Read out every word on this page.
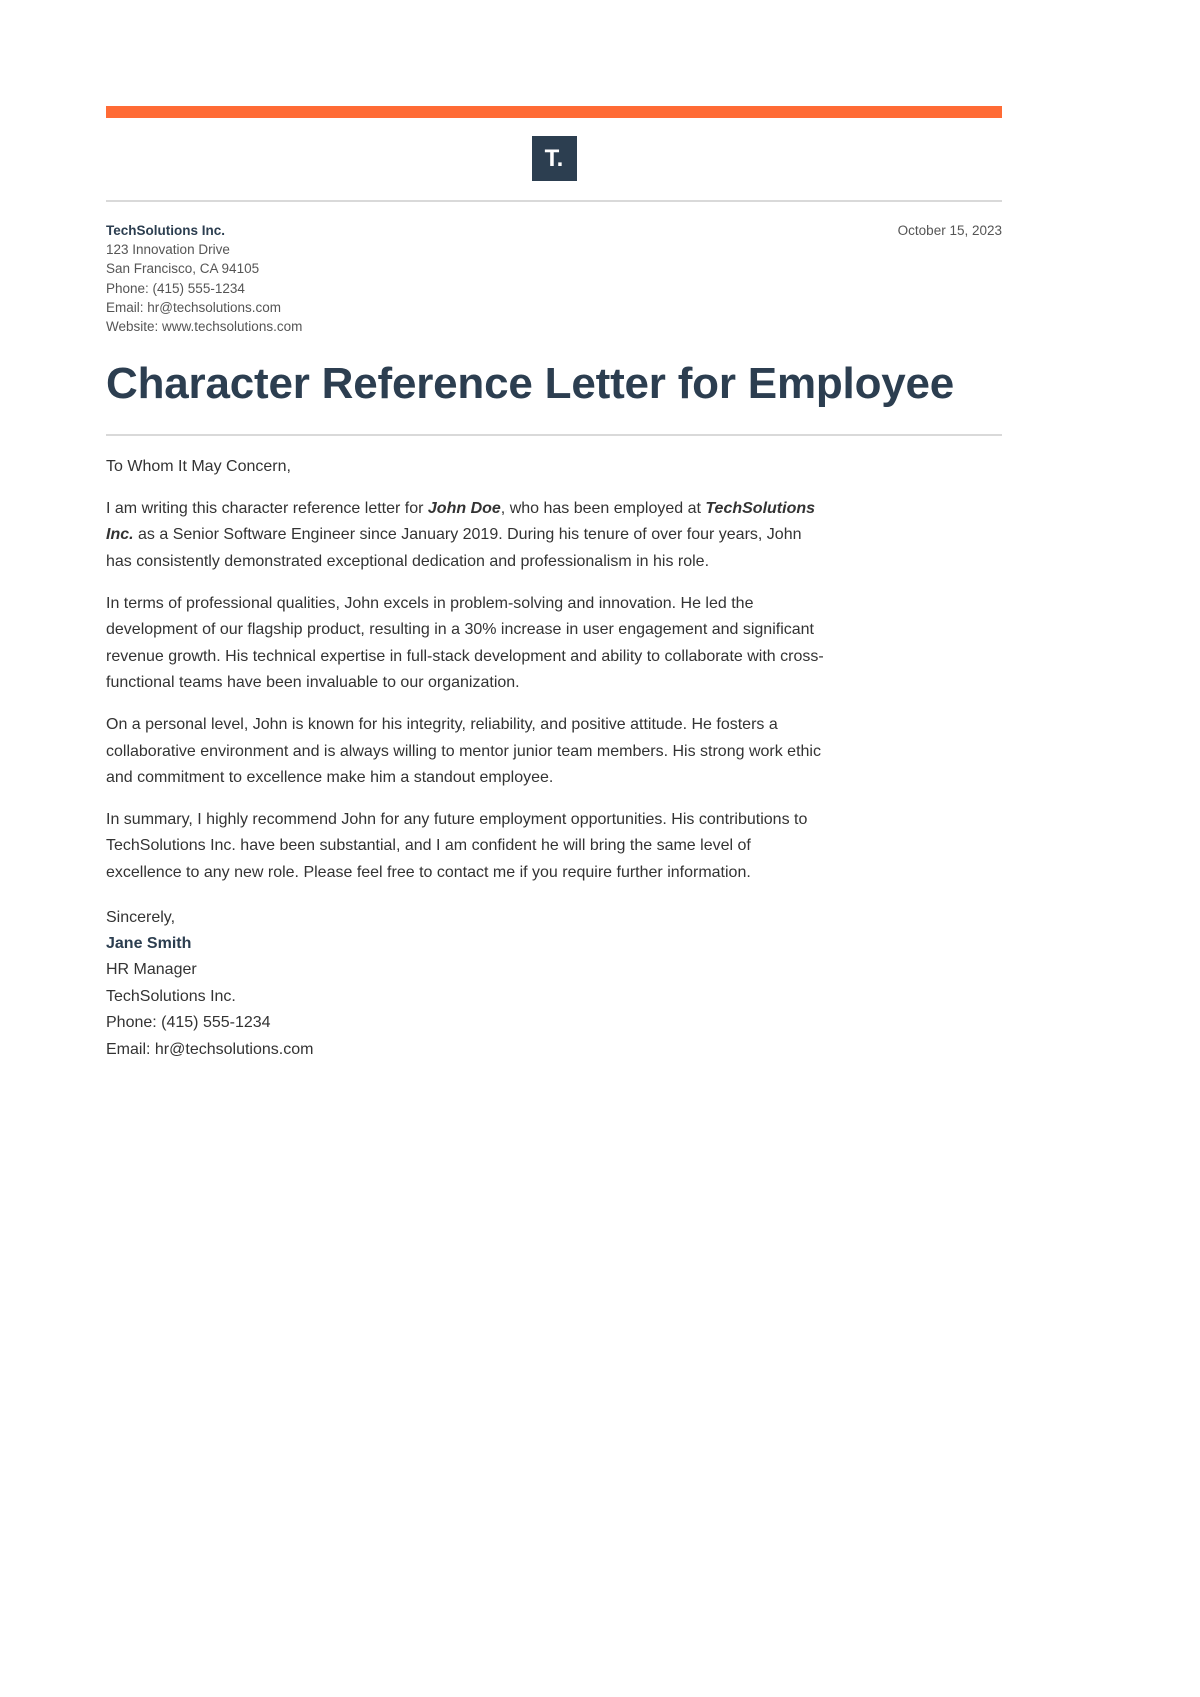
T.
TechSolutions Inc.
123 Innovation Drive
San Francisco, CA 94105
Phone: (415) 555-1234
Email: hr@techsolutions.com
Website: www.techsolutions.com
October 15, 2023
Character Reference Letter for Employee

To Whom It May Concern,

I am writing this character reference letter for John Doe, who has been employed at TechSolutions Inc. as a Senior Software Engineer since January 2019. During his tenure of over four years, John has consistently demonstrated exceptional dedication and professionalism in his role.

In terms of professional qualities, John excels in problem-solving and innovation. He led the development of our flagship product, resulting in a 30% increase in user engagement and significant revenue growth. His technical expertise in full-stack development and ability to collaborate with cross-functional teams have been invaluable to our organization.

On a personal level, John is known for his integrity, reliability, and positive attitude. He fosters a collaborative environment and is always willing to mentor junior team members. His strong work ethic and commitment to excellence make him a standout employee.

In summary, I highly recommend John for any future employment opportunities. His contributions to TechSolutions Inc. have been substantial, and I am confident he will bring the same level of excellence to any new role. Please feel free to contact me if you require further information.

Sincerely,
Jane Smith
HR Manager
TechSolutions Inc.
Phone: (415) 555-1234
Email: hr@techsolutions.com
